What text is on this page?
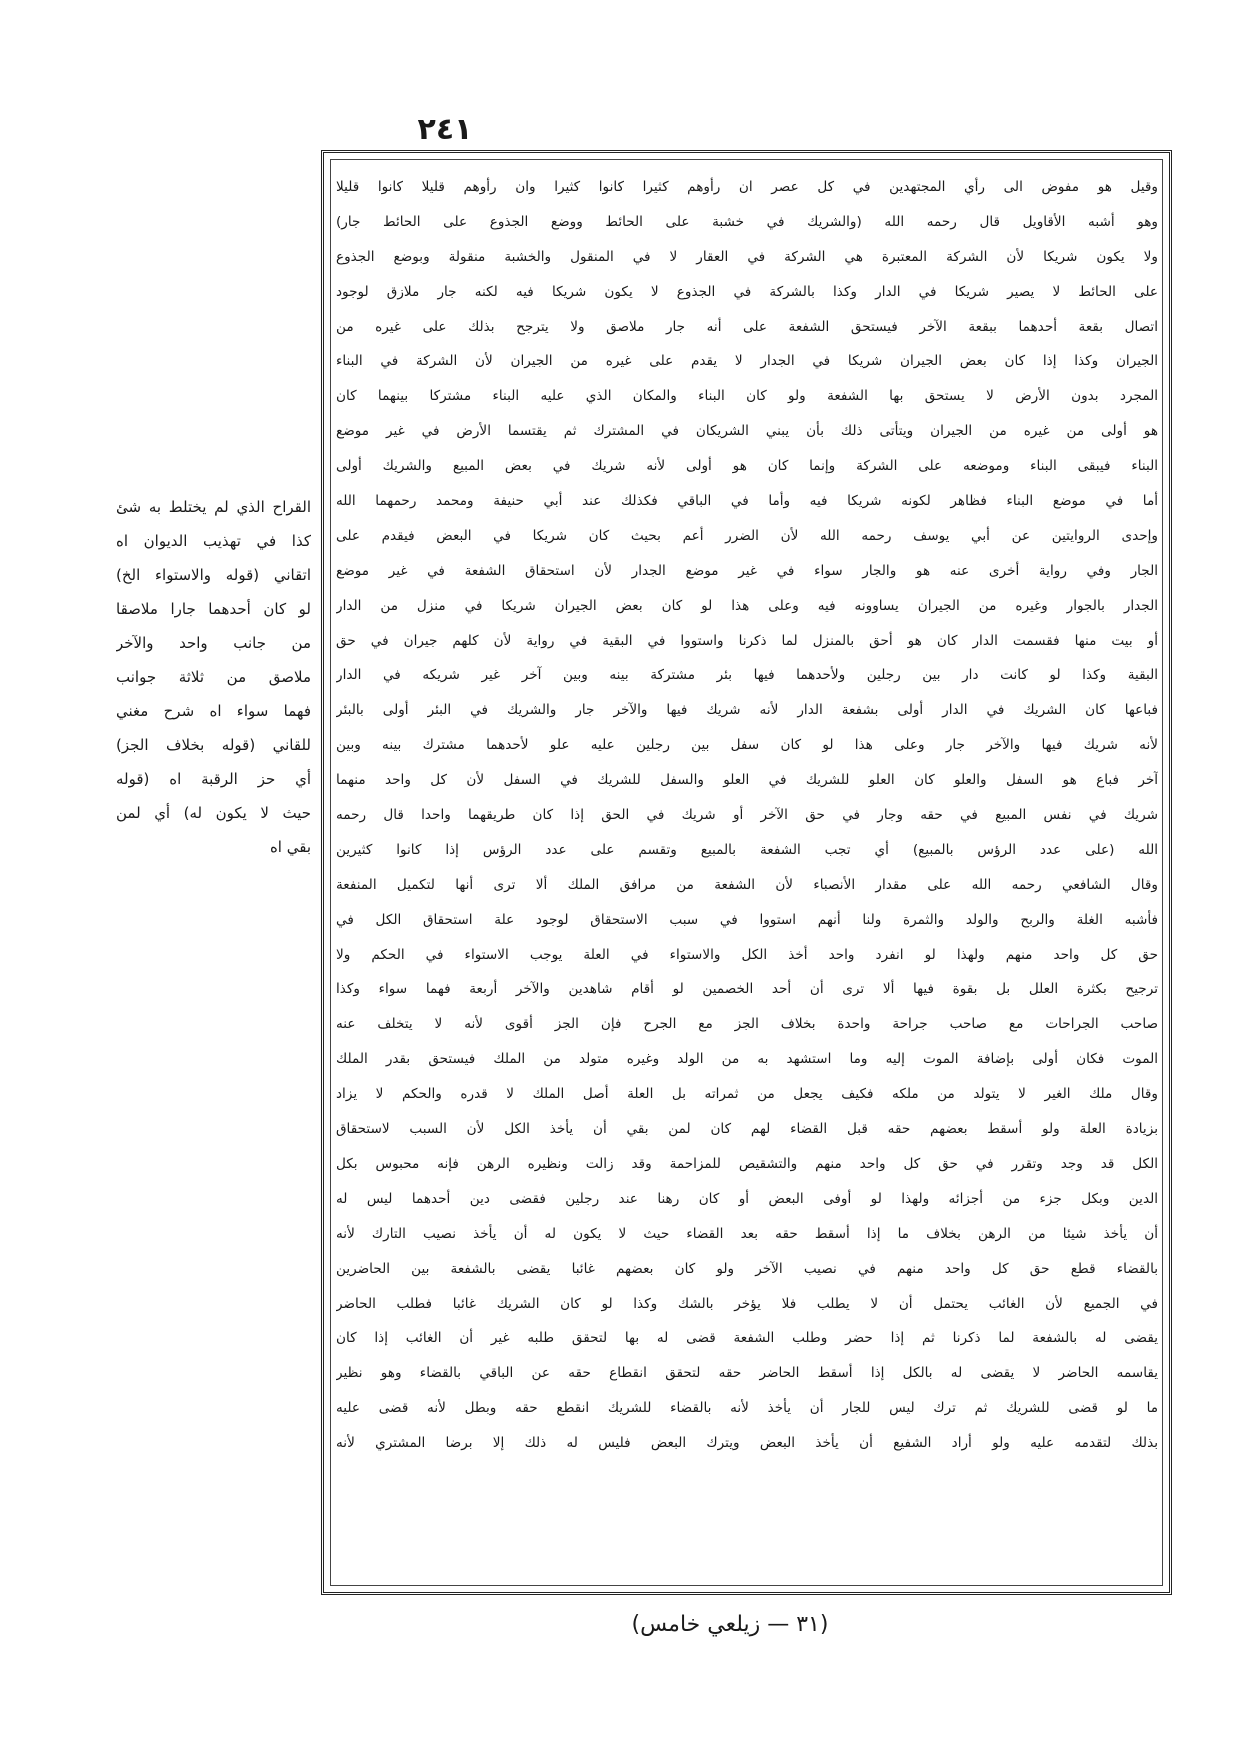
٢٤١
وقيل هو مفوض الى رأي المجتهدين في كل عصر ان رأوهم كثيرا كانوا كثيرا وان رأوهم قليلا كانوا قليلا
وهو أشبه الأقاويل قال رحمه الله (والشريك في خشبة على الحائط ووضع الجذوع على الحائط جار)
ولا يكون شريكا لأن الشركة المعتبرة هي الشركة في العقار لا في المنقول والخشبة منقولة وبوضع الجذوع
على الحائط لا يصير شريكا في الدار وكذا بالشركة في الجذوع لا يكون شريكا فيه لكنه جار ملازق لوجود
اتصال بقعة أحدهما ببقعة الآخر فيستحق الشفعة على أنه جار ملاصق ولا يترجح بذلك على غيره من
الجيران وكذا إذا كان بعض الجيران شريكا في الجدار لا يقدم على غيره من الجيران لأن الشركة في البناء
المجرد بدون الأرض لا يستحق بها الشفعة ولو كان البناء والمكان الذي عليه البناء مشتركا بينهما كان
هو أولى من غيره من الجيران ويتأتى ذلك بأن يبني الشريكان في المشترك ثم يقتسما الأرض في غير موضع
البناء فيبقى البناء وموضعه على الشركة وإنما كان هو أولى لأنه شريك في بعض المبيع والشريك أولى
أما في موضع البناء فظاهر لكونه شريكا فيه وأما في الباقي فكذلك عند أبي حنيفة ومحمد رحمهما الله
وإحدى الروايتين عن أبي يوسف رحمه الله لأن الضرر أعم بحيث كان شريكا في البعض فيقدم على
الجار وفي رواية أخرى عنه هو والجار سواء في غير موضع الجدار لأن استحقاق الشفعة في غير موضع
الجدار بالجوار وغيره من الجيران يساوونه فيه وعلى هذا لو كان بعض الجيران شريكا في منزل من الدار
أو بيت منها فقسمت الدار كان هو أحق بالمنزل لما ذكرنا واستووا في البقية في رواية لأن كلهم جيران في حق
البقية وكذا لو كانت دار بين رجلين ولأحدهما فيها بئر مشتركة بينه وبين آخر غير شريكه في الدار
فباعها كان الشريك في الدار أولى بشفعة الدار لأنه شريك فيها والآخر جار والشريك في البئر أولى بالبئر
لأنه شريك فيها والآخر جار وعلى هذا لو كان سفل بين رجلين عليه علو لأحدهما مشترك بينه وبين
آخر فباع هو السفل والعلو كان العلو للشريك في العلو والسفل للشريك في السفل لأن كل واحد منهما
شريك في نفس المبيع في حقه وجار في حق الآخر أو شريك في الحق إذا كان طريقهما واحدا قال رحمه
الله (على عدد الرؤس بالمبيع) أي تجب الشفعة بالمبيع وتقسم على عدد الرؤس إذا كانوا كثيرين
وقال الشافعي رحمه الله على مقدار الأنصباء لأن الشفعة من مرافق الملك ألا ترى أنها لتكميل المنفعة
فأشبه الغلة والربح والولد والثمرة ولنا أنهم استووا في سبب الاستحقاق لوجود علة استحقاق الكل في
حق كل واحد منهم ولهذا لو انفرد واحد أخذ الكل والاستواء في العلة يوجب الاستواء في الحكم ولا
ترجيح بكثرة العلل بل بقوة فيها ألا ترى أن أحد الخصمين لو أقام شاهدين والآخر أربعة فهما سواء وكذا
صاحب الجراحات مع صاحب جراحة واحدة بخلاف الجز مع الجرح فإن الجز أقوى لأنه لا يتخلف عنه
الموت فكان أولى بإضافة الموت إليه وما استشهد به من الولد وغيره متولد من الملك فيستحق بقدر الملك
وقال ملك الغير لا يتولد من ملكه فكيف يجعل من ثمراته بل العلة أصل الملك لا قدره والحكم لا يزاد
بزيادة العلة ولو أسقط بعضهم حقه قبل القضاء لهم كان لمن بقي أن يأخذ الكل لأن السبب لاستحقاق
الكل قد وجد وتقرر في حق كل واحد منهم والتشقيص للمزاحمة وقد زالت ونظيره الرهن فإنه محبوس بكل
الدين وبكل جزء من أجزائه ولهذا لو أوفى البعض أو كان رهنا عند رجلين فقضى دين أحدهما ليس له
أن يأخذ شيئا من الرهن بخلاف ما إذا أسقط حقه بعد القضاء حيث لا يكون له أن يأخذ نصيب التارك لأنه
بالقضاء قطع حق كل واحد منهم في نصيب الآخر ولو كان بعضهم غائبا يقضى بالشفعة بين الحاضرين
في الجميع لأن الغائب يحتمل أن لا يطلب فلا يؤخر بالشك وكذا لو كان الشريك غائبا فطلب الحاضر
يقضى له بالشفعة لما ذكرنا ثم إذا حضر وطلب الشفعة قضى له بها لتحقق طلبه غير أن الغائب إذا كان
يقاسمه الحاضر لا يقضى له بالكل إذا أسقط الحاضر حقه لتحقق انقطاع حقه عن الباقي بالقضاء وهو نظير
ما لو قضى للشريك ثم ترك ليس للجار أن يأخذ لأنه بالقضاء للشريك انقطع حقه وبطل لأنه قضى عليه
بذلك لتقدمه عليه ولو أراد الشفيع أن يأخذ البعض ويترك البعض فليس له ذلك إلا برضا المشتري لأنه
القراح الذي لم يختلط به شئ
كذا في تهذيب الديوان اه
اتقاني (قوله والاستواء الخ)
لو كان أحدهما جارا ملاصقا
من جانب واحد والآخر
ملاصق من ثلاثة جوانب
فهما سواء اه شرح مغني
للقاني (قوله بخلاف الجز)
أي حز الرقبة اه (قوله
حيث لا يكون له) أي لمن
بقي اه
(٣١ — زيلعي خامس)
